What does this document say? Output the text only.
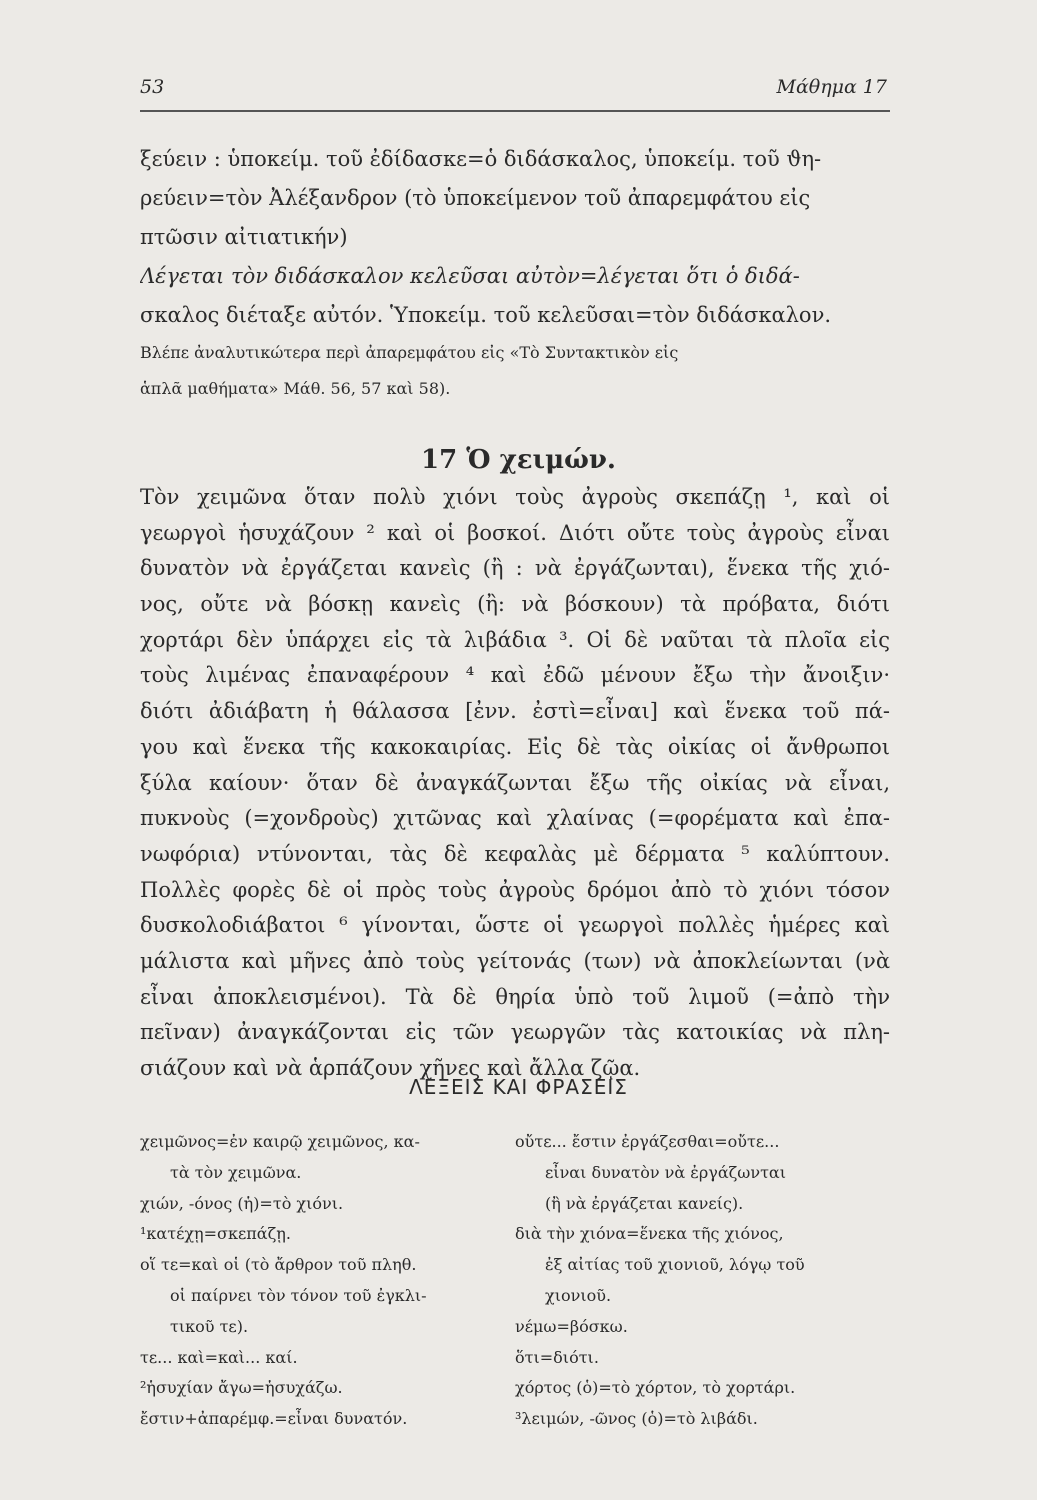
53	Μάθημα 17
ξεύειν : ὑποκείμ. τοῦ ἐδίδασκε=ὁ διδάσκαλος, ὑποκείμ. τοῦ ϑη-
ρεύειν=τὸν Ἀλέξανδρον (τὸ ὑποκείμενον τοῦ ἀπαρεμφάτου εἰς
πτῶσιν αἰτιατικήν)
Λέγεται τὸν διδάσκαλον κελεῦσαι αὐτὸν=λέγεται ὅτι ὁ διδά-
σκαλος διέταξε αὐτόν. Ὑποκείμ. τοῦ κελεῦσαι=τὸν διδάσκαλον.
Βλέπε ἀναλυτικώτερα περὶ ἀπαρεμφάτου εἰς «Τὸ Συντακτικὸν εἰς
ἁπλᾶ μαθήματα» Μάθ. 56, 57 καὶ 58).
17 Ὁ χειμών.
Τὸν χειμῶνα ὅταν πολὺ χιόνι τοὺς ἀγροὺς σκεπάζῃ ¹, καὶ οἱ
γεωργοὶ ἡσυχάζουν ² καὶ οἱ βοσκοί. Διότι οὔτε τοὺς ἀγροὺς εἶναι
δυνατὸν νὰ ἐργάζεται κανεὶς (ἢ : νὰ ἐργάζωνται), ἕνεκα τῆς χιό-
νος, οὔτε νὰ βόσκῃ κανεὶς (ἢ: νὰ βόσκουν) τὰ πρόβατα, διότι
χορτάρι δὲν ὑπάρχει εἰς τὰ λιβάδια ³. Οἱ δὲ ναῦται τὰ πλοῖα εἰς
τοὺς λιμένας ἐπαναφέρουν ⁴ καὶ ἐδῶ μένουν ἔξω τὴν ἄνοιξιν·
διότι ἀδιάβατη ἡ θάλασσα [ἐνν. ἐστὶ=εἶναι] καὶ ἕνεκα τοῦ πά-
γου καὶ ἕνεκα τῆς κακοκαιρίας. Εἰς δὲ τὰς οἰκίας οἱ ἄνθρωποι
ξύλα καίουν· ὅταν δὲ ἀναγκάζωνται ἔξω τῆς οἰκίας νὰ εἶναι,
πυκνοὺς (=χονδροὺς) χιτῶνας καὶ χλαίνας (=φορέματα καὶ ἐπα-
νωφόρια) ντύνονται, τὰς δὲ κεφαλὰς μὲ δέρματα ⁵ καλύπτουν.
Πολλὲς φορὲς δὲ οἱ πρὸς τοὺς ἀγροὺς δρόμοι ἀπὸ τὸ χιόνι τόσον
δυσκολοδιάβατοι ⁶ γίνονται, ὥστε οἱ γεωργοὶ πολλὲς ἡμέρες καὶ
μάλιστα καὶ μῆνες ἀπὸ τοὺς γείτονάς (των) νὰ ἀποκλείωνται (νὰ
εἶναι ἀποκλεισμένοι). Τὰ δὲ θηρία ὑπὸ τοῦ λιμοῦ (=ἀπὸ τὴν
πεῖναν) ἀναγκάζονται εἰς τῶν γεωργῶν τὰς κατοικίας νὰ πλη-
σιάζουν καὶ νὰ ἁρπάζουν χῆνες καὶ ἄλλα ζῷα.
ΛΕΞΕΙΣ ΚΑΙ ΦΡΑΣΕΙΣ
χειμῶνος=ἐν καιρῷ χειμῶνος, κα-
τὰ τὸν χειμῶνα.
χιών, -όνος (ἡ)=τὸ χιόνι.
¹κατέχῃ=σκεπάζῃ.
οἵ τε=καὶ οἱ (τὸ ἄρθρον τοῦ πληθ.
οἱ παίρνει τὸν τόνον τοῦ ἐγκλι-
τικοῦ τε).
τε... καὶ=καὶ... καί.
²ἡσυχίαν ἄγω=ἡσυχάζω.
ἔστιν+ἀπαρέμφ.=εἶναι δυνατόν.
οὔτε... ἔστιν ἐργάζεσθαι=οὔτε...
εἶναι δυνατὸν νὰ ἐργάζωνται
(ἢ νὰ ἐργάζεται κανείς).
διὰ τὴν χιόνα=ἕνεκα τῆς χιόνος,
ἐξ αἰτίας τοῦ χιονιοῦ, λόγῳ τοῦ
χιονιοῦ.
νέμω=βόσκω.
ὅτι=διότι.
χόρτος (ὁ)=τὸ χόρτον, τὸ χορτάρι.
³λειμών, -ῶνος (ὁ)=τὸ λιβάδι.
